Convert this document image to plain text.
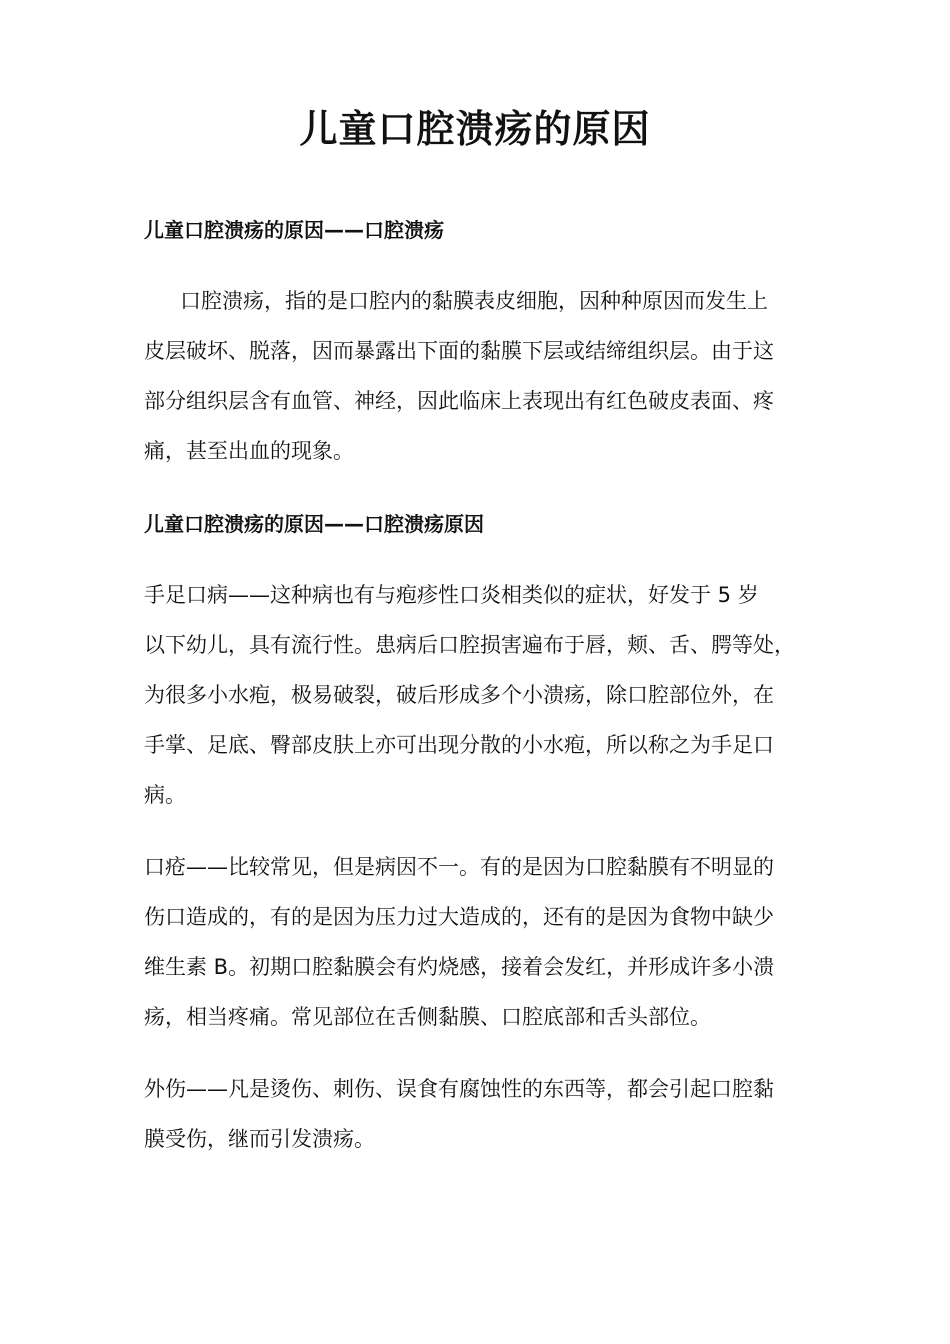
儿童口腔溃疡的原因
儿童口腔溃疡的原因——口腔溃疡

口腔溃疡，指的是口腔内的黏膜表皮细胞，因种种原因而发生上
皮层破坏、脱落，因而暴露出下面的黏膜下层或结缔组织层。由于这
部分组织层含有血管、神经，因此临床上表现出有红色破皮表面、疼
痛，甚至出血的现象。

儿童口腔溃疡的原因——口腔溃疡原因

手足口病——这种病也有与疱疹性口炎相类似的症状，好发于 5 岁
以下幼儿，具有流行性。患病后口腔损害遍布于唇，颊、舌、腭等处，
为很多小水疱，极易破裂，破后形成多个小溃疡，除口腔部位外，在
手掌、足底、臀部皮肤上亦可出现分散的小水疱，所以称之为手足口
病。

口疮——比较常见，但是病因不一。有的是因为口腔黏膜有不明显的
伤口造成的，有的是因为压力过大造成的，还有的是因为食物中缺少
维生素 B。初期口腔黏膜会有灼烧感，接着会发红，并形成许多小溃
疡，相当疼痛。常见部位在舌侧黏膜、口腔底部和舌头部位。

外伤——凡是烫伤、刺伤、误食有腐蚀性的东西等，都会引起口腔黏
膜受伤，继而引发溃疡。
